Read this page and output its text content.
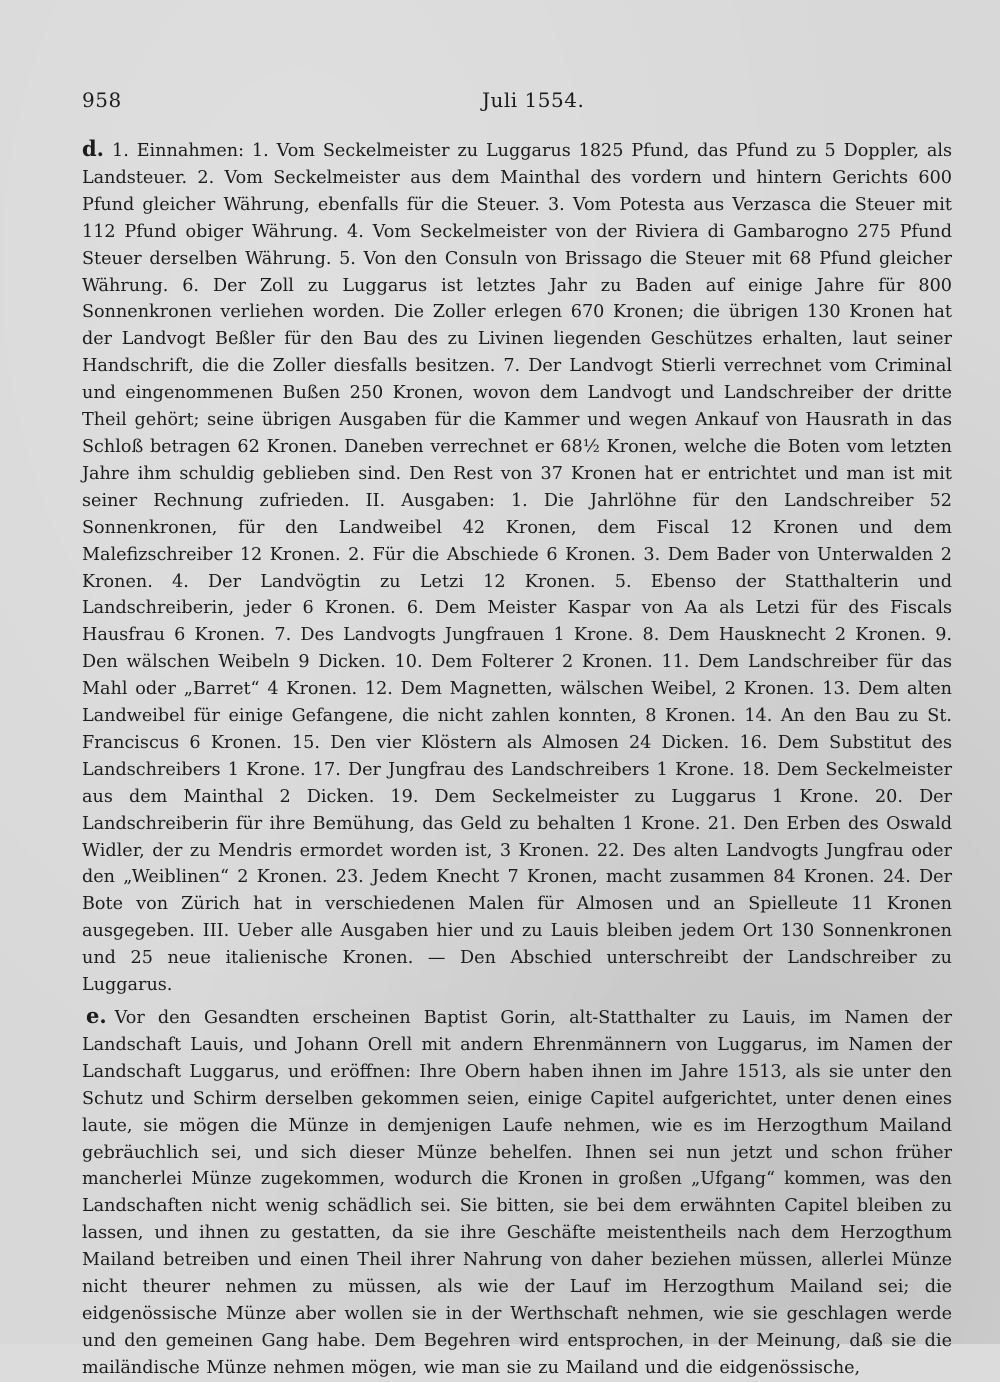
958	Juli 1554.

d. 1. Einnahmen: 1. Vom Seckelmeister zu Luggarus 1825 Pfund, das Pfund zu 5 Doppler, als Landsteuer. 2. Vom Seckelmeister aus dem Mainthal des vordern und hintern Gerichts 600 Pfund gleicher Währung, ebenfalls für die Steuer. 3. Vom Potesta aus Verzasca die Steuer mit 112 Pfund obiger Währung. 4. Vom Seckelmeister von der Riviera di Gambarogno 275 Pfund Steuer derselben Währung. 5. Von den Consuln von Brissago die Steuer mit 68 Pfund gleicher Währung. 6. Der Zoll zu Luggarus ist letztes Jahr zu Baden auf einige Jahre für 800 Sonnenkronen verliehen worden. Die Zoller erlegen 670 Kronen; die übrigen 130 Kronen hat der Landvogt Beßler für den Bau des zu Livinen liegenden Geschützes erhalten, laut seiner Handschrift, die die Zoller diesfalls besitzen. 7. Der Landvogt Stierli verrechnet vom Criminal und eingenommenen Bußen 250 Kronen, wovon dem Landvogt und Landschreiber der dritte Theil gehört; seine übrigen Ausgaben für die Kammer und wegen Ankauf von Hausrath in das Schloß betragen 62 Kronen. Daneben verrechnet er 68½ Kronen, welche die Boten vom letzten Jahre ihm schuldig geblieben sind. Den Rest von 37 Kronen hat er entrichtet und man ist mit seiner Rechnung zufrieden. II. Ausgaben: 1. Die Jahrlöhne für den Landschreiber 52 Sonnenkronen, für den Landweibel 42 Kronen, dem Fiscal 12 Kronen und dem Malefizschreiber 12 Kronen. 2. Für die Abschiede 6 Kronen. 3. Dem Bader von Unterwalden 2 Kronen. 4. Der Landvögtin zu Letzi 12 Kronen. 5. Ebenso der Statthalterin und Landschreiberin, jeder 6 Kronen. 6. Dem Meister Kaspar von Aa als Letzi für des Fiscals Hausfrau 6 Kronen. 7. Des Landvogts Jungfrauen 1 Krone. 8. Dem Hausknecht 2 Kronen. 9. Den wälschen Weibeln 9 Dicken. 10. Dem Folterer 2 Kronen. 11. Dem Landschreiber für das Mahl oder „Barret“ 4 Kronen. 12. Dem Magnetten, wälschen Weibel, 2 Kronen. 13. Dem alten Landweibel für einige Gefangene, die nicht zahlen konnten, 8 Kronen. 14. An den Bau zu St. Franciscus 6 Kronen. 15. Den vier Klöstern als Almosen 24 Dicken. 16. Dem Substitut des Landschreibers 1 Krone. 17. Der Jungfrau des Landschreibers 1 Krone. 18. Dem Seckelmeister aus dem Mainthal 2 Dicken. 19. Dem Seckelmeister zu Luggarus 1 Krone. 20. Der Landschreiberin für ihre Bemühung, das Geld zu behalten 1 Krone. 21. Den Erben des Oswald Widler, der zu Mendris ermordet worden ist, 3 Kronen. 22. Des alten Landvogts Jungfrau oder den „Weiblinen“ 2 Kronen. 23. Jedem Knecht 7 Kronen, macht zusammen 84 Kronen. 24. Der Bote von Zürich hat in verschiedenen Malen für Almosen und an Spielleute 11 Kronen ausgegeben. III. Ueber alle Ausgaben hier und zu Lauis bleiben jedem Ort 130 Sonnenkronen und 25 neue italienische Kronen. — Den Abschied unterschreibt der Landschreiber zu Luggarus.

e. Vor den Gesandten erscheinen Baptist Gorin, alt-Statthalter zu Lauis, im Namen der Landschaft Lauis, und Johann Orell mit andern Ehrenmännern von Luggarus, im Namen der Landschaft Luggarus, und eröffnen: Ihre Obern haben ihnen im Jahre 1513, als sie unter den Schutz und Schirm derselben gekommen seien, einige Capitel aufgerichtet, unter denen eines laute, sie mögen die Münze in demjenigen Laufe nehmen, wie es im Herzogthum Mailand gebräuchlich sei, und sich dieser Münze behelfen. Ihnen sei nun jetzt und schon früher mancherlei Münze zugekommen, wodurch die Kronen in großen „Ufgang“ kommen, was den Landschaften nicht wenig schädlich sei. Sie bitten, sie bei dem erwähnten Capitel bleiben zu lassen, und ihnen zu gestatten, da sie ihre Geschäfte meistentheils nach dem Herzogthum Mailand betreiben und einen Theil ihrer Nahrung von daher beziehen müssen, allerlei Münze nicht theurer nehmen zu müssen, als wie der Lauf im Herzogthum Mailand sei; die eidgenössische Münze aber wollen sie in der Werthschaft nehmen, wie sie geschlagen werde und den gemeinen Gang habe. Dem Begehren wird entsprochen, in der Meinung, daß sie die mailändische Münze nehmen mögen, wie man sie zu Mailand und die eidgenössische,
